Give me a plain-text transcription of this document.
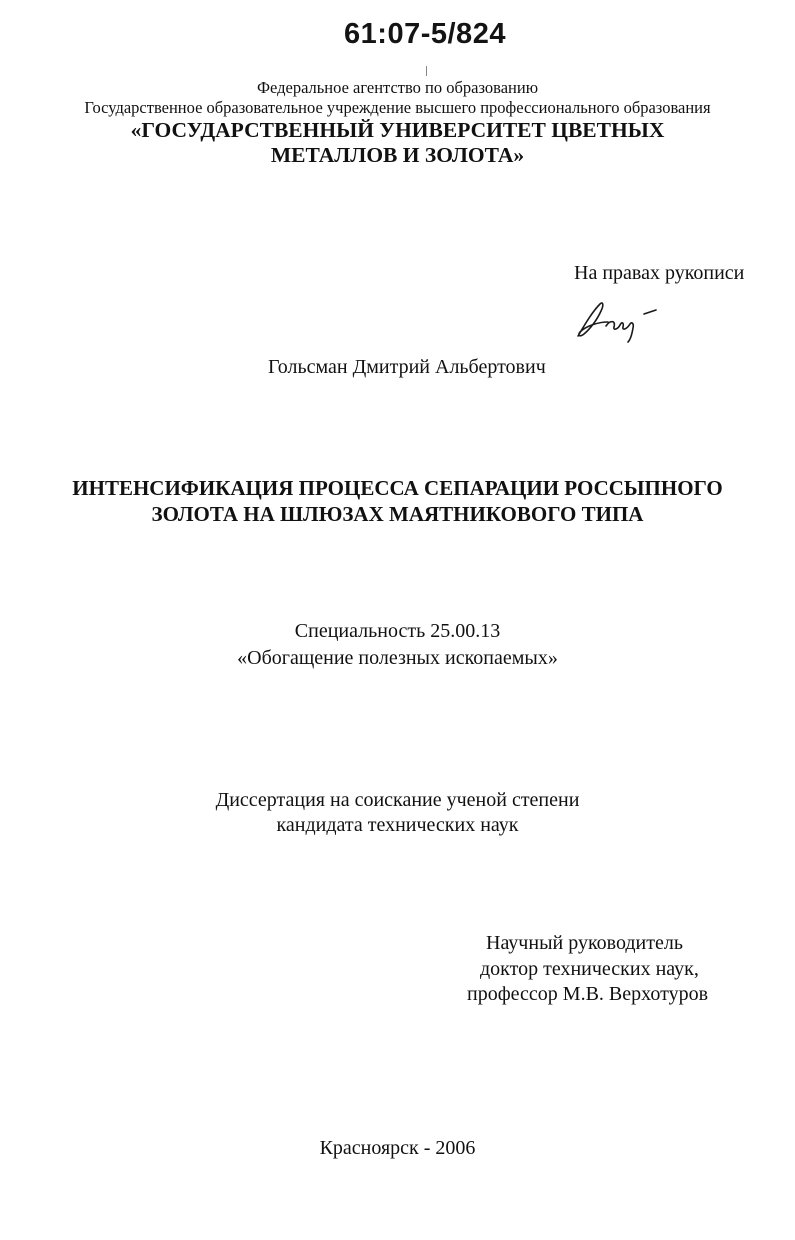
61:07-5/824
Федеральное агентство по образованию
Государственное образовательное учреждение высшего профессионального образования
«ГОСУДАРСТВЕННЫЙ УНИВЕРСИТЕТ ЦВЕТНЫХ
МЕТАЛЛОВ И ЗОЛОТА»
На правах рукописи
Гольсман Дмитрий Альбертович
ИНТЕНСИФИКАЦИЯ ПРОЦЕССА СЕПАРАЦИИ РОССЫПНОГО
ЗОЛОТА НА ШЛЮЗАХ МАЯТНИКОВОГО ТИПА
Специальность 25.00.13
«Обогащение полезных ископаемых»
Диссертация на соискание ученой степени
кандидата технических наук
Научный руководитель
доктор технических наук,
профессор М.В. Верхотуров
Красноярск - 2006
